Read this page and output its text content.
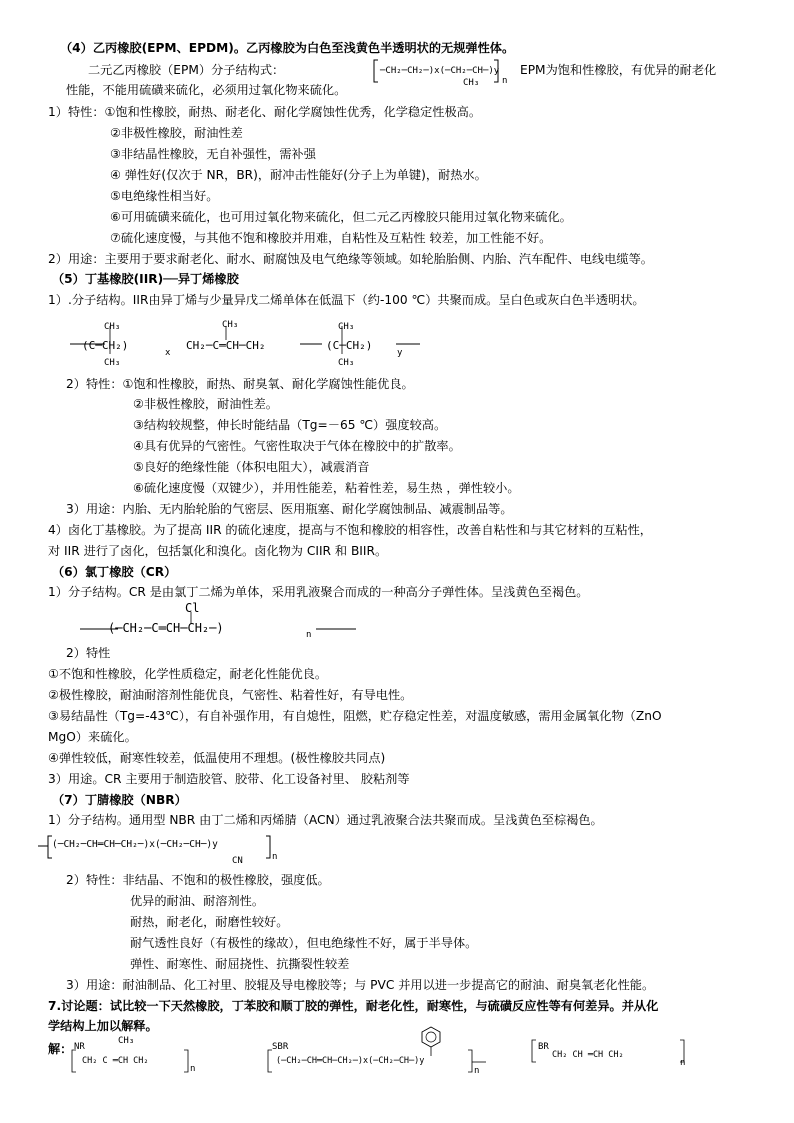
（4）乙丙橡胶(EPM、EPDM)。乙丙橡胶为白色至浅黄色半透明状的无规弹性体。
二元乙丙橡胶（EPM）分子结构式：	─CH₂─CH₂─)x(─CH₂─CH─)y
CH₃	n
EPM为饱和性橡胶，有优异的耐老化
性能，不能用硫磺来硫化，必须用过氧化物来硫化。
1）特性：①饱和性橡胶，耐热、耐老化、耐化学腐蚀性优秀，化学稳定性极高。
②非极性橡胶，耐油性差
③非结晶性橡胶，无自补强性，需补强
④ 弹性好(仅次于 NR，BR)，耐冲击性能好(分子上为单键)，耐热水。
⑤电绝缘性相当好。
⑥可用硫磺来硫化，也可用过氧化物来硫化，但二元乙丙橡胶只能用过氧化物来硫化。
⑦硫化速度慢，与其他不饱和橡胶并用难，自粘性及互粘性 较差，加工性能不好。
2）用途：主要用于要求耐老化、耐水、耐腐蚀及电气绝缘等领域。如轮胎胎侧、内胎、汽车配件、电线电缆等。
（5）丁基橡胶(IIR)──异丁烯橡胶
1）.分子结构。IIR由异丁烯与少量异戊二烯单体在低温下（约-100 ℃）共聚而成。呈白色或灰白色半透明状。
CH₃	CH₃	CH₃
(C─CH₂)
x
CH₂─C═CH─CH₂	(C─CH₂)
y
CH₃	CH₃
2）特性：①饱和性橡胶，耐热、耐臭氧、耐化学腐蚀性能优良。
②非极性橡胶，耐油性差。
③结构较规整，伸长时能结晶（Tg=－65 ℃）强度较高。
④具有优异的气密性。气密性取决于气体在橡胶中的扩散率。
⑤良好的绝缘性能（体积电阻大），减震消音
⑥硫化速度慢（双键少），并用性能差，粘着性差，易生热 ，弹性较小。
3）用途：内胎、无内胎轮胎的气密层、医用瓶塞、耐化学腐蚀制品、减震制品等。
4）卤化丁基橡胶。为了提高 IIR 的硫化速度，提高与不饱和橡胶的相容性，改善自粘性和与其它材料的互粘性，
对 IIR 进行了卤化，包括氯化和溴化。卤化物为 CIIR 和 BIIR。
（6）氯丁橡胶（CR）
1）分子结构。CR 是由氯丁二烯为单体，采用乳液聚合而成的一种高分子弹性体。呈浅黄色至褐色。
Cl
(─CH₂─C═CH─CH₂─)	n
2）特性
①不饱和性橡胶，化学性质稳定，耐老化性能优良。
②极性橡胶，耐油耐溶剂性能优良，气密性、粘着性好，有导电性。
③易结晶性（Tg=-43℃），有自补强作用，有自熄性，阻燃，贮存稳定性差，对温度敏感，需用金属氧化物（ZnO
MgO）来硫化。
④弹性较低，耐寒性较差，低温使用不理想。(极性橡胶共同点)
3）用途。CR 主要用于制造胶管、胶带、化工设备衬里、 胶粘剂等
（7）丁腈橡胶（NBR）
1）分子结构。通用型 NBR 由丁二烯和丙烯腈（ACN）通过乳液聚合法共聚而成。呈浅黄色至棕褐色。
(─CH₂─CH═CH─CH₂─)x(─CH₂─CH─)y
CN	n
2）特性：非结晶、不饱和的极性橡胶，强度低。
优异的耐油、耐溶剂性。
耐热，耐老化，耐磨性较好。
耐气透性良好（有极性的缘故），但电绝缘性不好，属于半导体。
弹性、耐寒性、耐屈挠性、抗撕裂性较差
3）用途：耐油制品、化工衬里、胶辊及导电橡胶等；与 PVC 并用以进一步提高它的耐油、耐臭氧老化性能。
7.讨论题：试比较一下天然橡胶，丁苯胶和顺丁胶的弹性，耐老化性，耐寒性，与硫磺反应性等有何差异。并从化
学结构上加以解释。
解： NR
CH₃
CH₂ C ═CH CH₂
n
SBR
(─CH₂─CH═CH─CH₂─)x(─CH₂─CH─)y
n
BR
CH₂ CH ═CH CH₂
n
